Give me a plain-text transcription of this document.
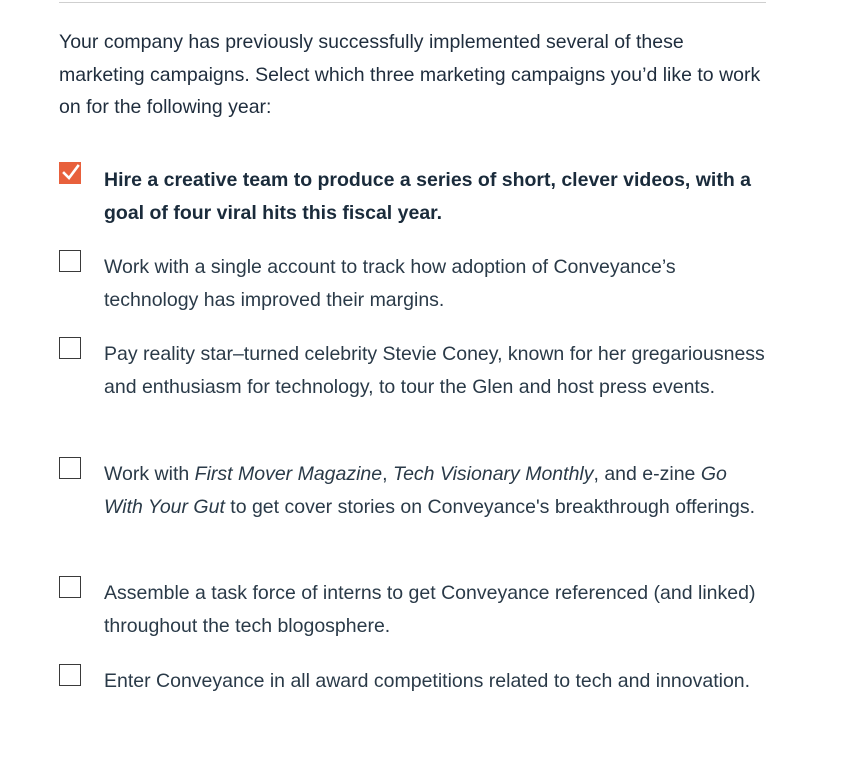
Your company has previously successfully implemented several of these marketing campaigns. Select which three marketing campaigns you’d like to work on for the following year:

Hire a creative team to produce a series of short, clever videos, with a goal of four viral hits this fiscal year.
Work with a single account to track how adoption of Conveyance’s technology has improved their margins.
Pay reality star–turned celebrity Stevie Coney, known for her gregariousness and enthusiasm for technology, to tour the Glen and host press events.
Work with First Mover Magazine, Tech Visionary Monthly, and e-zine Go With Your Gut to get cover stories on Conveyance's breakthrough offerings.
Assemble a task force of interns to get Conveyance referenced (and linked) throughout the tech blogosphere.
Enter Conveyance in all award competitions related to tech and innovation.
